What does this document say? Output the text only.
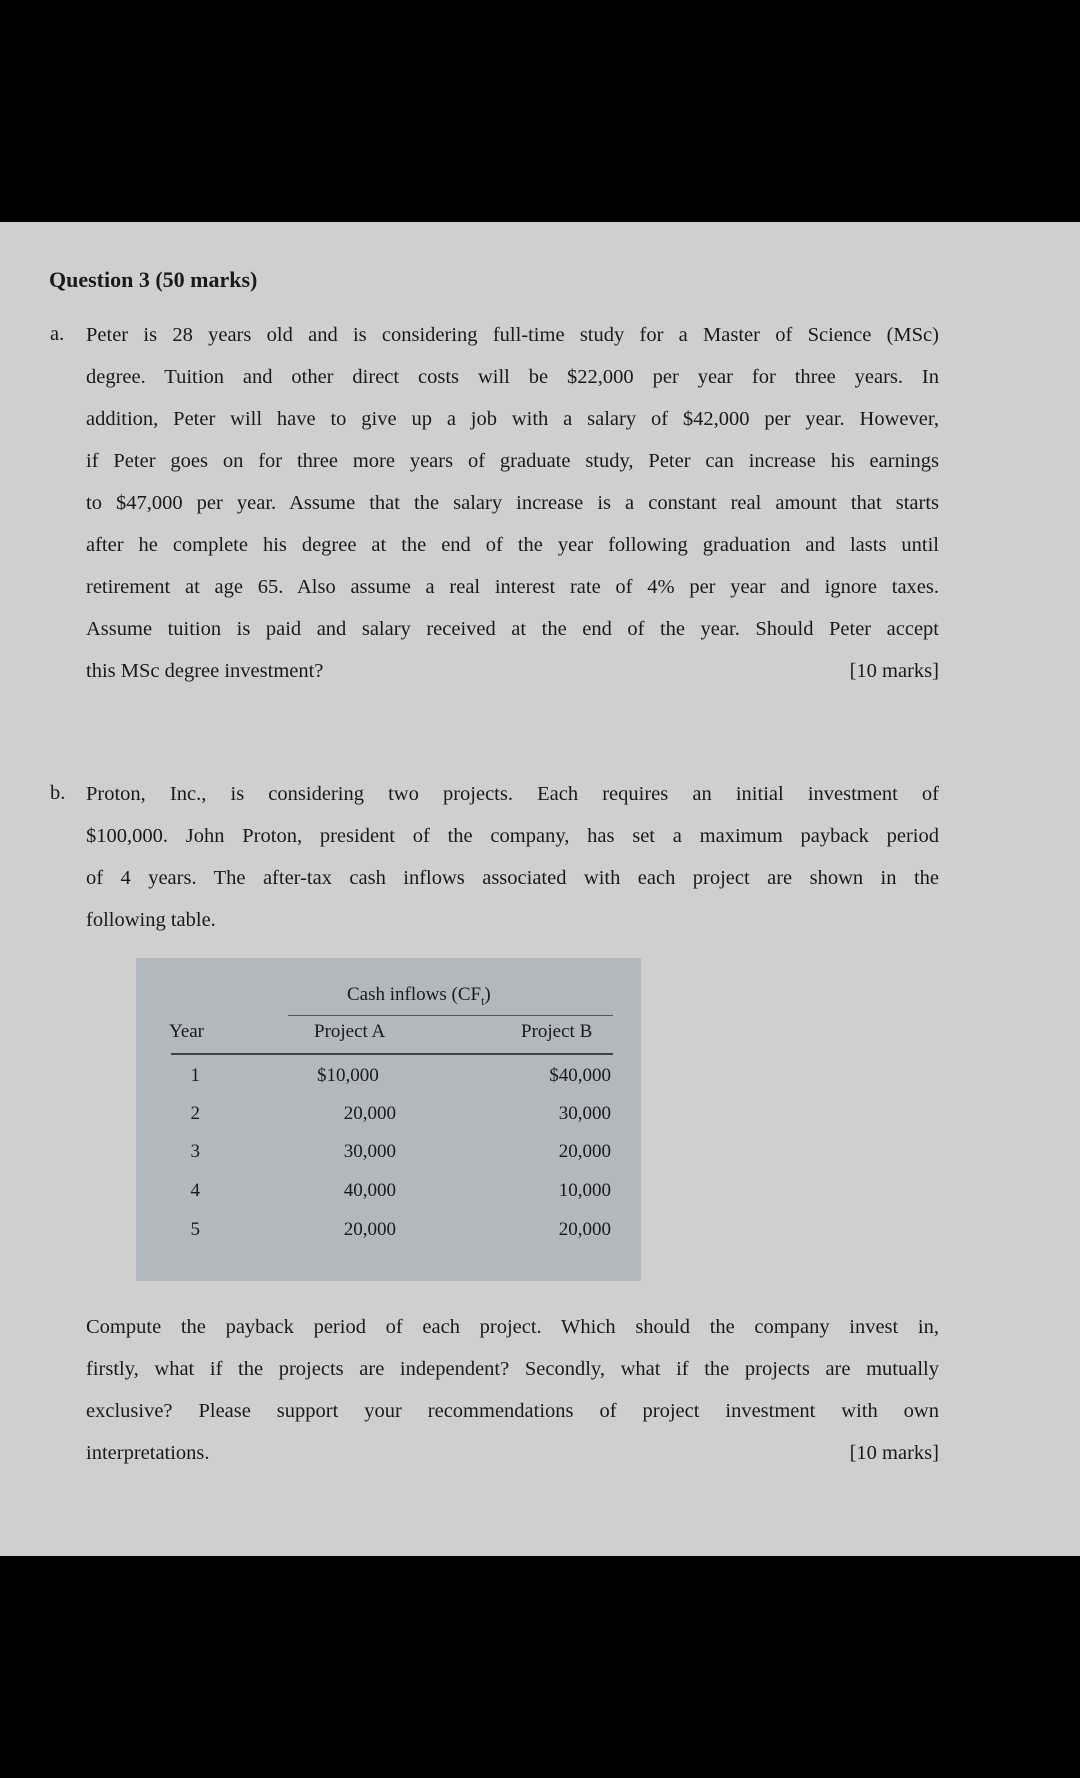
Question 3 (50 marks)
a. Peter is 28 years old and is considering full-time study for a Master of Science (MSc)
degree. Tuition and other direct costs will be $22,000 per year for three years. In
addition, Peter will have to give up a job with a salary of $42,000 per year. However,
if Peter goes on for three more years of graduate study, Peter can increase his earnings
to $47,000 per year. Assume that the salary increase is a constant real amount that starts
after he complete his degree at the end of the year following graduation and lasts until
retirement at age 65. Also assume a real interest rate of 4% per year and ignore taxes.
Assume tuition is paid and salary received at the end of the year. Should Peter accept
this MSc degree investment?	[10 marks]
b. Proton, Inc., is considering two projects. Each requires an initial investment of
$100,000. John Proton, president of the company, has set a maximum payback period
of 4 years. The after-tax cash inflows associated with each project are shown in the
following table.
Cash inflows $(CF_t)$
Year	Project A	Project B
1	$10,000	$40,000
2	20,000	30,000
3	30,000	20,000
4	40,000	10,000
5	20,000	20,000
Compute the payback period of each project. Which should the company invest in,
firstly, what if the projects are independent? Secondly, what if the projects are mutually
exclusive? Please support your recommendations of project investment with own
interpretations.	[10 marks]
